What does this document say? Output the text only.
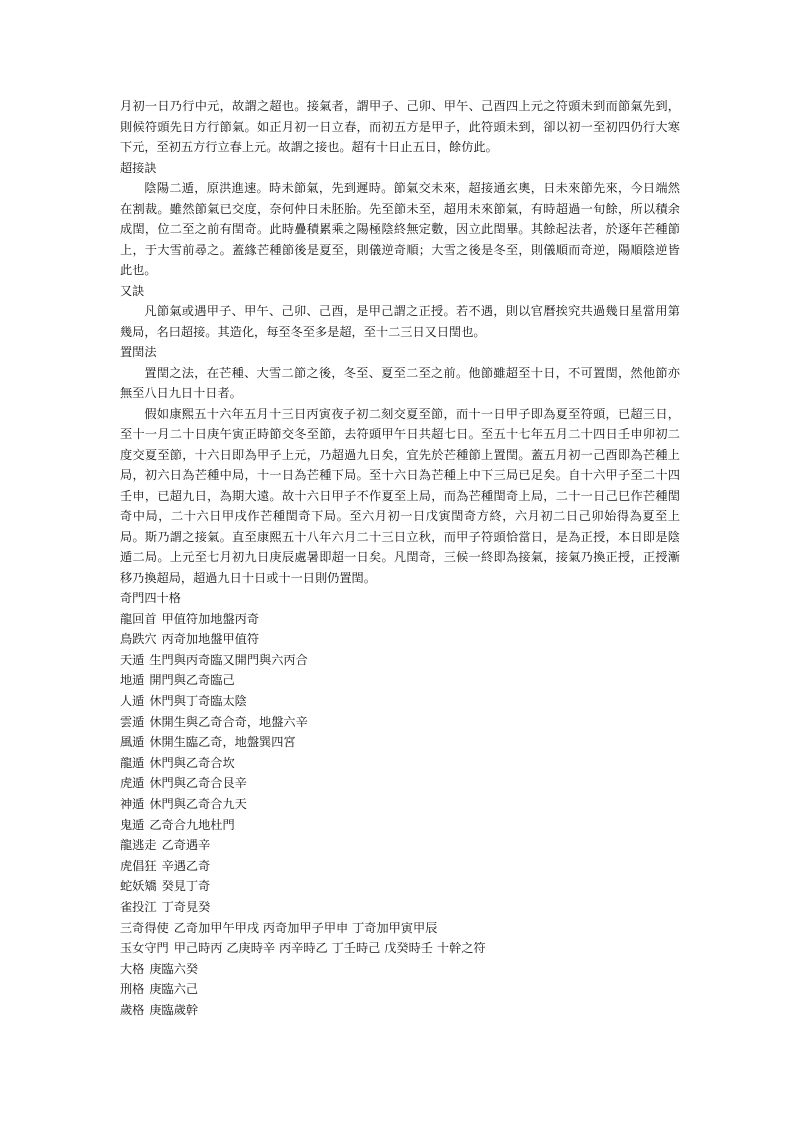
月初一日乃行中元，故謂之超也。接氣者，謂甲子、己卯、甲午、己酉四上元之符頭未到而節氣先到，則候符頭先日方行節氣。如正月初一日立春，而初五方是甲子，此符頭未到，卻以初一至初四仍行大寒下元，至初五方行立春上元。故謂之接也。超有十日止五日，餘仿此。

超接訣

陰陽二遁，原洪進速。時未節氣，先到遲時。節氣交未來，超接通玄奧，日未來節先來，今日端然在割裁。雖然節氣已交度，奈何仲日未胚胎。先至節未至，超用未來節氣，有時超過一旬餘，所以積余成閏，位二至之前有閏奇。此時疊積累乘之陽極陰終無定數，因立此閏畢。其餘起法者，於逐年芒種節上，于大雪前尋之。蓋緣芒種節後是夏至，則儀逆奇順；大雪之後是冬至，則儀順而奇逆，陽順陰逆皆此也。

又訣

凡節氣或遇甲子、甲午、己卯、己酉，是甲己謂之正授。若不遇，則以官曆挨究共過幾日星當用第幾局，名曰超接。其造化，每至冬至多是超，至十二三日又日閏也。

置閏法

置閏之法，在芒種、大雪二節之後，冬至、夏至二至之前。他節雖超至十日，不可置閏，然他節亦無至八日九日十日者。

假如康熙五十六年五月十三日丙寅夜子初二刻交夏至節，而十一日甲子即為夏至符頭，已超三日，至十一月二十日庚午寅正時節交冬至節，去符頭甲午日共超七日。至五十七年五月二十四日壬申卯初二度交夏至節，十六日即為甲子上元，乃超過九日矣，宜先於芒種節上置閏。蓋五月初一己酉即為芒種上局，初六日為芒種中局，十一日為芒種下局。至十六日為芒種上中下三局已足矣。自十六甲子至二十四壬申，已超九日，為期大遠。故十六日甲子不作夏至上局，而為芒種閏奇上局，二十一日己巳作芒種閏奇中局，二十六日甲戌作芒種閏奇下局。至六月初一日戊寅閏奇方終，六月初二日己卯始得為夏至上局。斯乃謂之接氣。直至康熙五十八年六月二十三日立秋，而甲子符頭恰當日，是為正授，本日即是陰遁二局。上元至七月初九日庚辰處暑即超一日矣。凡閏奇，三候一終即為接氣，接氣乃換正授，正授漸移乃換超局，超過九日十日或十一日則仍置閏。

奇門四十格

龍回首 甲值符加地盤丙奇
鳥跌穴 丙奇加地盤甲值符
天遁 生門與丙奇臨又開門與六丙合
地遁 開門與乙奇臨己
人遁 休門與丁奇臨太陰
雲遁 休開生與乙奇合奇，地盤六辛
風遁 休開生臨乙奇，地盤巽四宮
龍遁 休門與乙奇合坎
虎遁 休門與乙奇合艮辛
神遁 休門與乙奇合九天
鬼遁 乙奇合九地杜門
龍逃走 乙奇遇辛
虎倡狂 辛遇乙奇
蛇妖矯 癸見丁奇
雀投江 丁奇見癸
三奇得使 乙奇加甲午甲戌 丙奇加甲子甲申 丁奇加甲寅甲辰
玉女守門 甲己時丙 乙庚時辛 丙辛時乙 丁壬時己 戊癸時壬 十幹之符
大格 庚臨六癸
刑格 庚臨六己
歲格 庚臨歲幹
